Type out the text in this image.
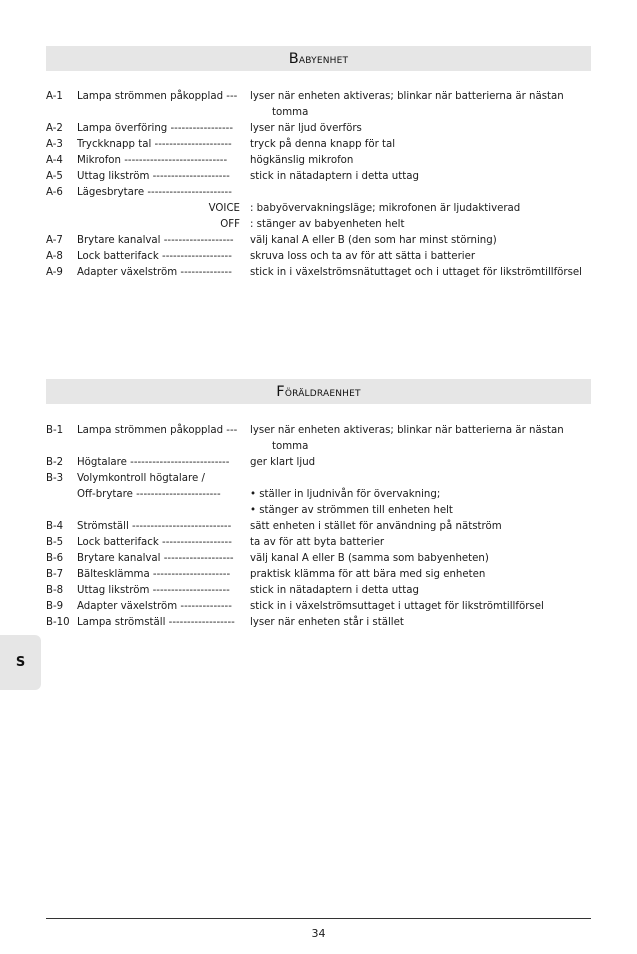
B abyenhet
A-1 Lampa strömmen påkopplad ---	lyser när enheten aktiveras; blinkar när batterierna är nästan
tomma
A-2 Lampa överföring -----------------	lyser när ljud överförs
A-3 Tryckknapp tal ---------------------	tryck på denna knapp för tal
A-4 Mikrofon ----------------------------	högkänslig mikrofon
A-5 Uttag likström ---------------------	stick in nätadaptern i detta uttag
A-6 Lägesbrytare -----------------------
VOICE : babyövervakningsläge; mikrofonen är ljudaktiverad
OFF : stänger av babyenheten helt
A-7 Brytare kanalval -------------------	välj kanal A eller B (den som har minst störning)
A-8 Lock batterifack -------------------	skruva loss och ta av för att sätta i batterier
A-9 Adapter växelström --------------	stick in i växelströmsnätuttaget och i uttaget för likströmtillförsel
F öräldraenhet
B-1 Lampa strömmen påkopplad ---	lyser när enheten aktiveras; blinkar när batterierna är nästan
tomma
B-2 Högtalare ---------------------------	ger klart ljud
B-3 Volymkontroll högtalare /
Off-brytare -----------------------	• ställer in ljudnivån för övervakning;
• stänger av strömmen till enheten helt
B-4 Strömställ ---------------------------	sätt enheten i stället för användning på nätström
B-5 Lock batterifack -------------------	ta av för att byta batterier
B-6 Brytare kanalval -------------------	välj kanal A eller B (samma som babyenheten)
B-7 Bältesklämma ---------------------	praktisk klämma för att bära med sig enheten
B-8 Uttag likström ---------------------	stick in nätadaptern i detta uttag
B-9 Adapter växelström --------------	stick in i växelströmsuttaget i uttaget för likströmtillförsel
B-10 Lampa strömställ ------------------	lyser när enheten står i stället
S
34
